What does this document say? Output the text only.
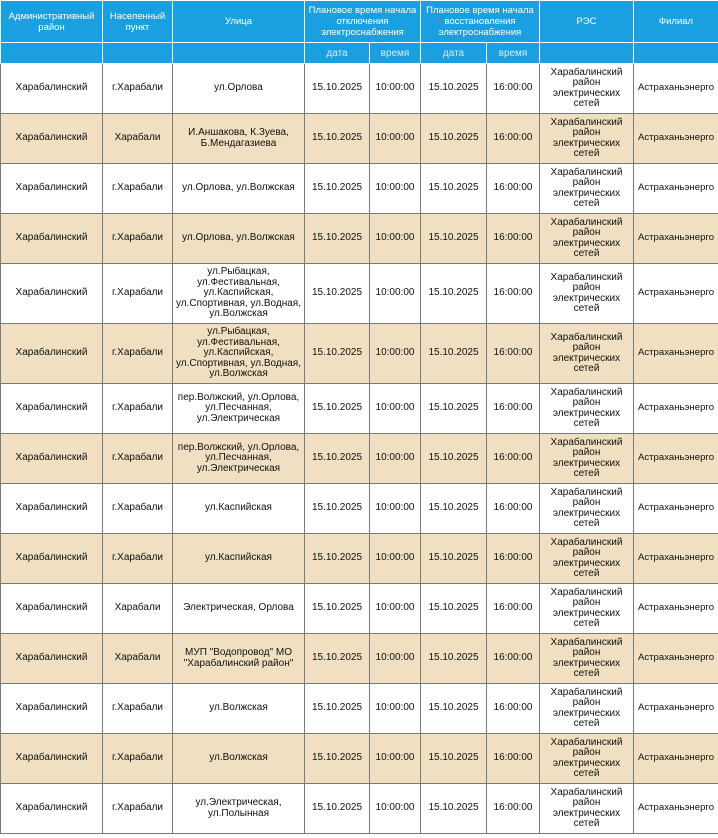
Административный район	Населенный пункт	Улица	Плановое время начала отключения электроснабжения		Плановое время начала восстановления электроснабжения		РЭС	Филиал
			дата	время	дата	время		
Харабалинский	г.Харабали	ул.Орлова	15.10.2025	10:00:00	15.10.2025	16:00:00	Харабалинский район электрических сетей	Астраханьэнерго
Харабалинский	Харабали	И.Аншакова, К.Зуева, Б.Мендагазиева	15.10.2025	10:00:00	15.10.2025	16:00:00	Харабалинский район электрических сетей	Астраханьэнерго
Харабалинский	г.Харабали	ул.Орлова, ул.Волжская	15.10.2025	10:00:00	15.10.2025	16:00:00	Харабалинский район электрических сетей	Астраханьэнерго
Харабалинский	г.Харабали	ул.Орлова, ул.Волжская	15.10.2025	10:00:00	15.10.2025	16:00:00	Харабалинский район электрических сетей	Астраханьэнерго
Харабалинский	г.Харабали	ул.Рыбацкая, ул.Фестивальная, ул.Каспийская, ул.Спортивная, ул.Водная, ул.Волжская	15.10.2025	10:00:00	15.10.2025	16:00:00	Харабалинский район электрических сетей	Астраханьэнерго
Харабалинский	г.Харабали	ул.Рыбацкая, ул.Фестивальная, ул.Каспийская, ул.Спортивная, ул.Водная, ул.Волжская	15.10.2025	10:00:00	15.10.2025	16:00:00	Харабалинский район электрических сетей	Астраханьэнерго
Харабалинский	г.Харабали	пер.Волжский, ул.Орлова, ул.Песчанная, ул.Электрическая	15.10.2025	10:00:00	15.10.2025	16:00:00	Харабалинский район электрических сетей	Астраханьэнерго
Харабалинский	г.Харабали	пер.Волжский, ул.Орлова, ул.Песчанная, ул.Электрическая	15.10.2025	10:00:00	15.10.2025	16:00:00	Харабалинский район электрических сетей	Астраханьэнерго
Харабалинский	г.Харабали	ул.Каспийская	15.10.2025	10:00:00	15.10.2025	16:00:00	Харабалинский район электрических сетей	Астраханьэнерго
Харабалинский	г.Харабали	ул.Каспийская	15.10.2025	10:00:00	15.10.2025	16:00:00	Харабалинский район электрических сетей	Астраханьэнерго
Харабалинский	Харабали	Электрическая, Орлова	15.10.2025	10:00:00	15.10.2025	16:00:00	Харабалинский район электрических сетей	Астраханьэнерго
Харабалинский	Харабали	МУП "Водопровод" МО "Харабалинский район"	15.10.2025	10:00:00	15.10.2025	16:00:00	Харабалинский район электрических сетей	Астраханьэнерго
Харабалинский	г.Харабали	ул.Волжская	15.10.2025	10:00:00	15.10.2025	16:00:00	Харабалинский район электрических сетей	Астраханьэнерго
Харабалинский	г.Харабали	ул.Волжская	15.10.2025	10:00:00	15.10.2025	16:00:00	Харабалинский район электрических сетей	Астраханьэнерго
Харабалинский	г.Харабали	ул.Электрическая, ул.Полынная	15.10.2025	10:00:00	15.10.2025	16:00:00	Харабалинский район электрических сетей	Астраханьэнерго
